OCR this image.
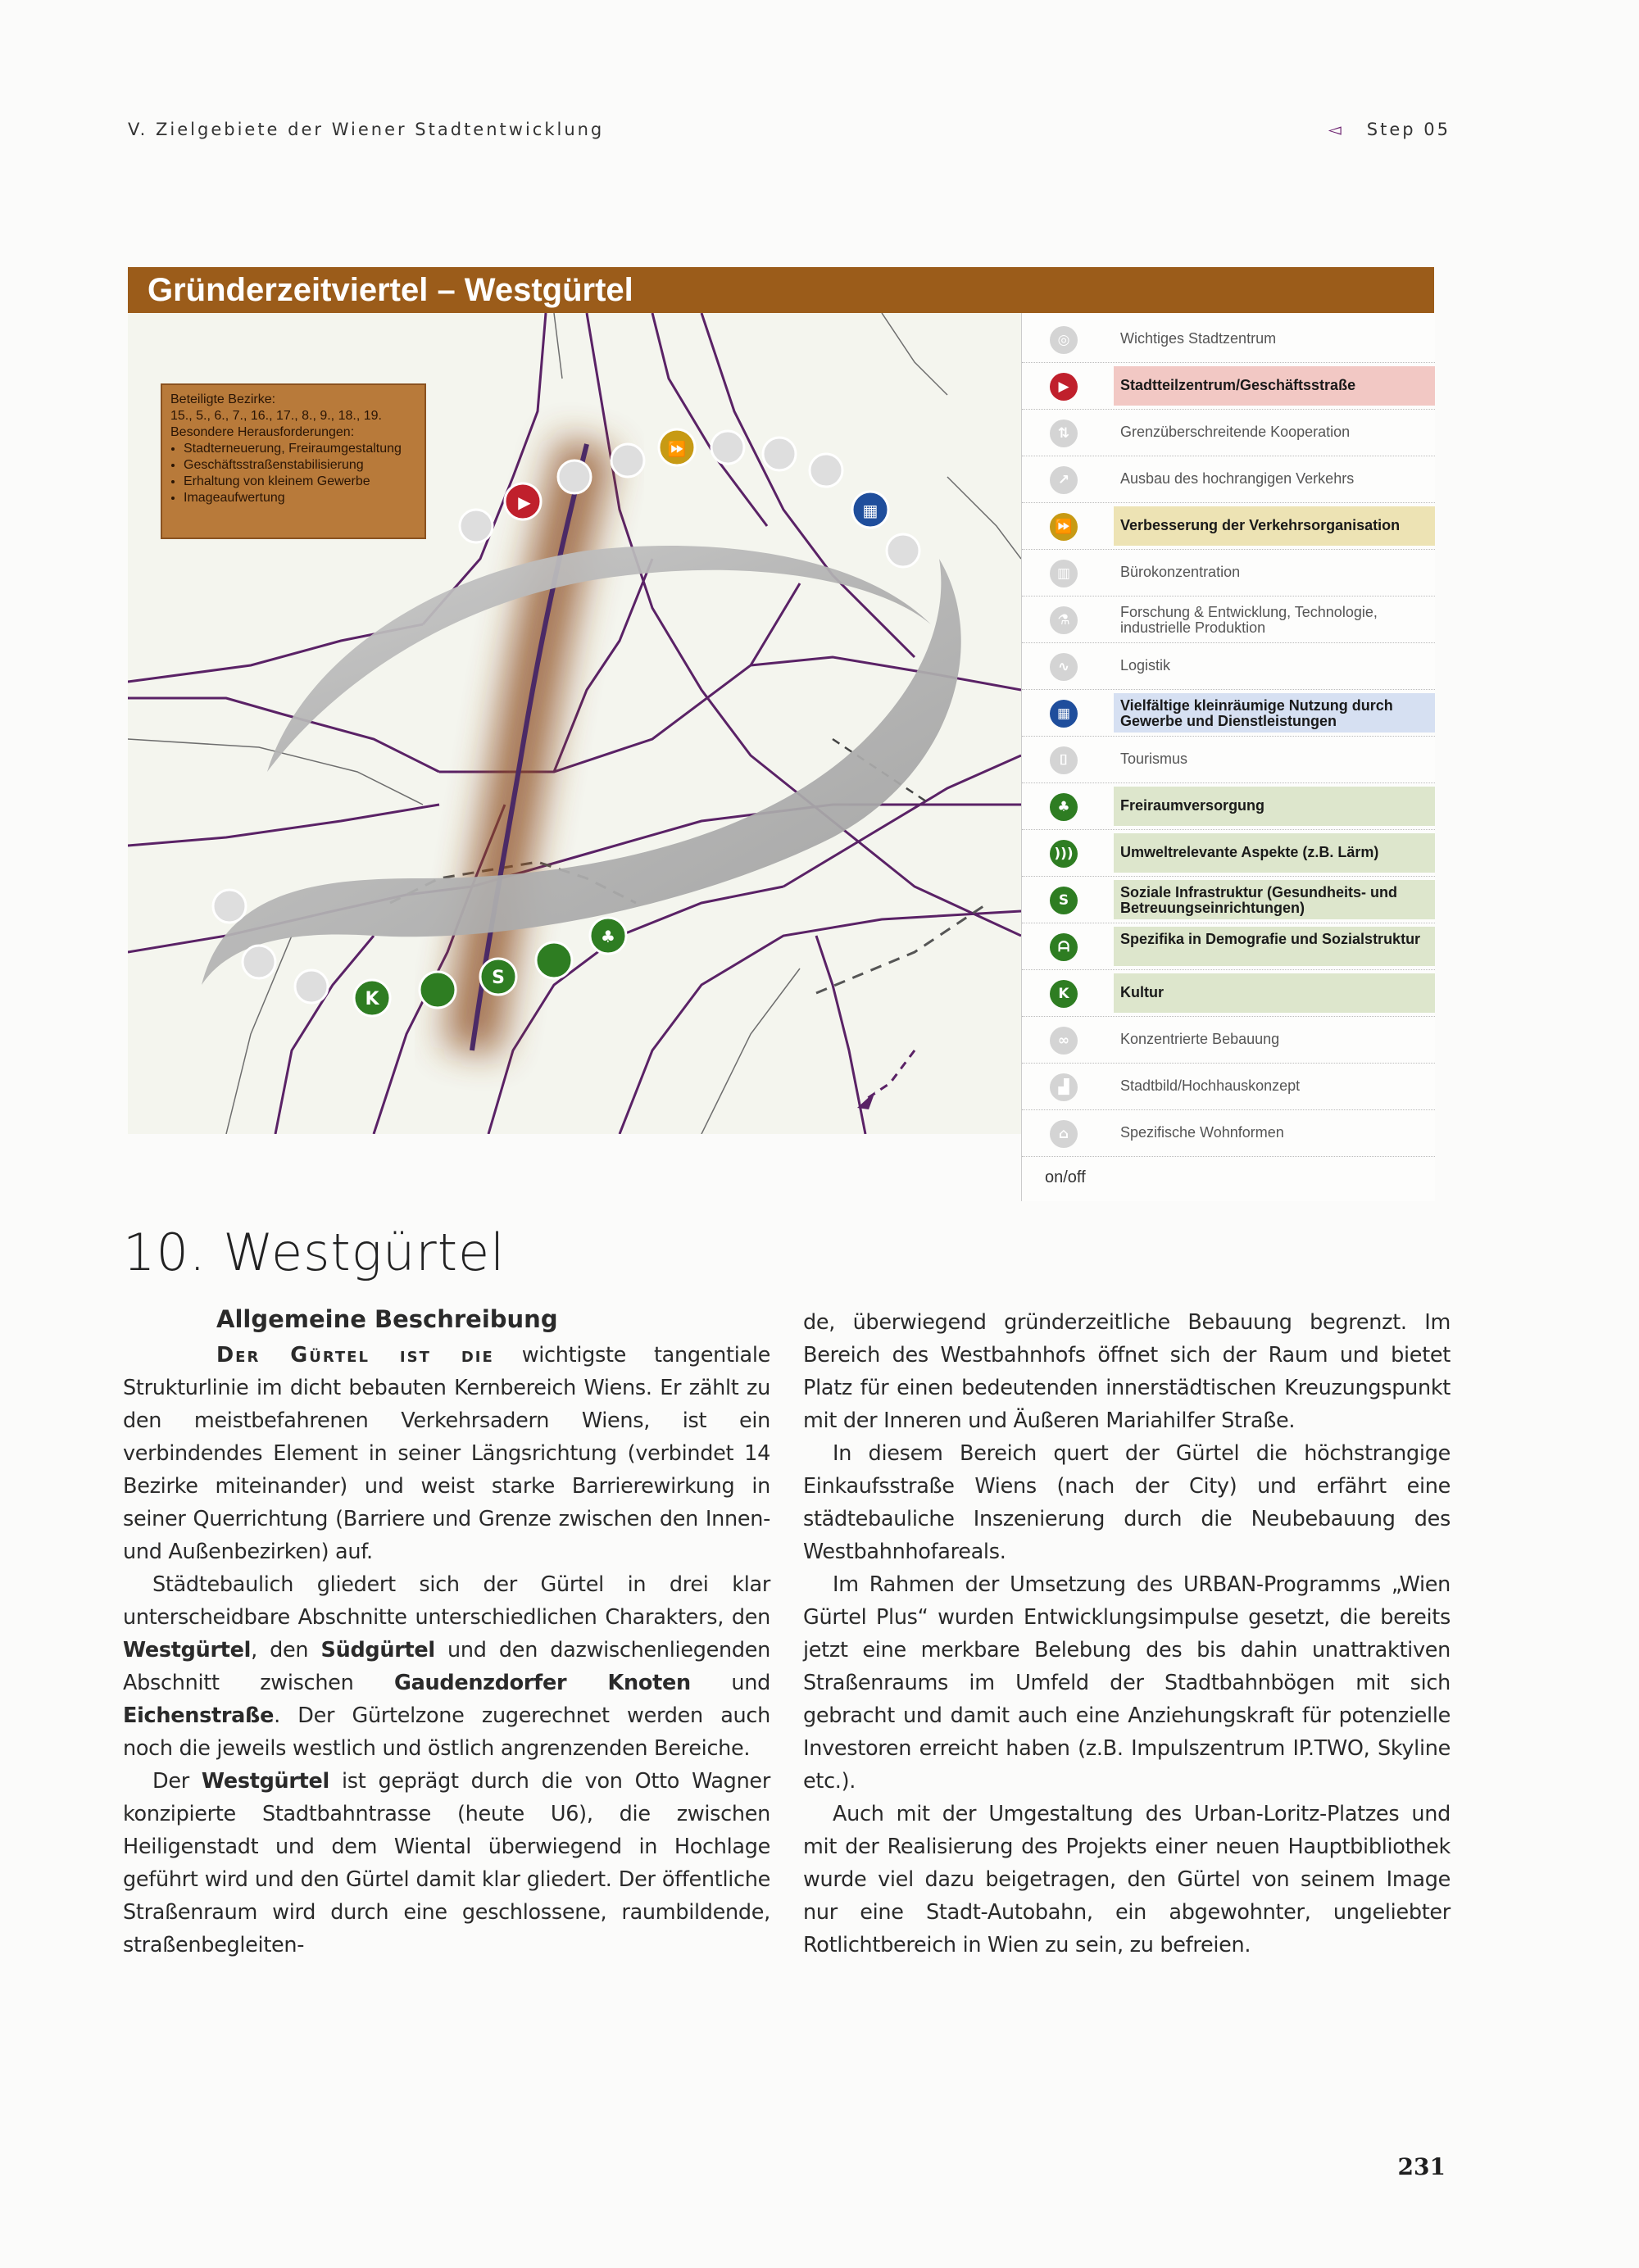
V. Zielgebiete der Wiener Stadtentwicklung	◅ Step 05
Gründerzeitviertel – Westgürtel
▶
⏩
▦
K
S
♣
Beteiligte Bezirke:
15., 5., 6., 7., 16., 17., 8., 9., 18., 19.
Besondere Herausforderungen:
• Stadterneuerung, Freiraumgestaltung
• Geschäftsstraßenstabilisierung
• Erhaltung von kleinem Gewerbe
• Imageaufwertung
on/off
◎	Wichtiges Stadtzentrum
▶	Stadtteilzentrum/Geschäftsstraße
⇅	Grenzüberschreitende Kooperation
↗	Ausbau des hochrangigen Verkehrs
⏩	Verbesserung der Verkehrsorganisation
▥	Bürokonzentration
⚗	Forschung & Entwicklung, Technologie, industrielle Produktion
∿	Logistik
▦	Vielfältige kleinräumige Nutzung durch Gewerbe und Dienstleistungen
⌷	Tourismus
♣	Freiraumversorgung
)))	Umweltrelevante Aspekte (z.B. Lärm)
S	Soziale Infrastruktur (Gesundheits- und Betreuungseinrichtungen)
ᗩ	Spezifika in Demografie und Sozialstruktur
K	Kultur
∞	Konzentrierte Bebauung
▟	Stadtbild/Hochhauskonzept
⌂	Spezifische Wohnformen
10. Westgürtel
Allgemeine Beschreibung

Der Gürtel ist die wichtigste tangentiale Strukturlinie im dicht bebauten Kernbereich Wiens. Er zählt zu den meistbefahrenen Verkehrsadern Wiens, ist ein verbindendes Element in seiner Längsrichtung (verbindet 14 Bezirke miteinander) und weist starke Barrierewirkung in seiner Querrichtung (Barriere und Grenze zwischen den Innen- und Außenbezirken) auf.

Städtebaulich gliedert sich der Gürtel in drei klar unterscheidbare Abschnitte unterschiedlichen Charakters, den Westgürtel, den Südgürtel und den dazwischenliegenden Abschnitt zwischen Gaudenzdorfer Knoten und Eichenstraße. Der Gürtelzone zugerechnet werden auch noch die jeweils westlich und östlich angrenzenden Bereiche.

Der Westgürtel ist geprägt durch die von Otto Wagner konzipierte Stadtbahntrasse (heute U6), die zwischen Heiligenstadt und dem Wiental überwiegend in Hochlage geführt wird und den Gürtel damit klar gliedert. Der öffentliche Straßenraum wird durch eine geschlossene, raumbildende, straßenbegleiten-

de, überwiegend gründerzeitliche Bebauung begrenzt. Im Bereich des Westbahnhofs öffnet sich der Raum und bietet Platz für einen bedeutenden innerstädtischen Kreuzungspunkt mit der Inneren und Äußeren Mariahilfer Straße.

In diesem Bereich quert der Gürtel die höchstrangige Einkaufsstraße Wiens (nach der City) und erfährt eine städtebauliche Inszenierung durch die Neubebauung des Westbahnhofareals.

Im Rahmen der Umsetzung des URBAN-Programms „Wien Gürtel Plus“ wurden Entwicklungsimpulse gesetzt, die bereits jetzt eine merkbare Belebung des bis dahin unattraktiven Straßenraums im Umfeld der Stadtbahnbögen mit sich gebracht und damit auch eine Anziehungskraft für potenzielle Investoren erreicht haben (z.B. Impulszentrum IP.TWO, Skyline etc.).

Auch mit der Umgestaltung des Urban-Loritz-Platzes und mit der Realisierung des Projekts einer neuen Hauptbibliothek wurde viel dazu beigetragen, den Gürtel von seinem Image nur eine Stadt-Autobahn, ein abgewohnter, ungeliebter Rotlichtbereich in Wien zu sein, zu befreien.

231
